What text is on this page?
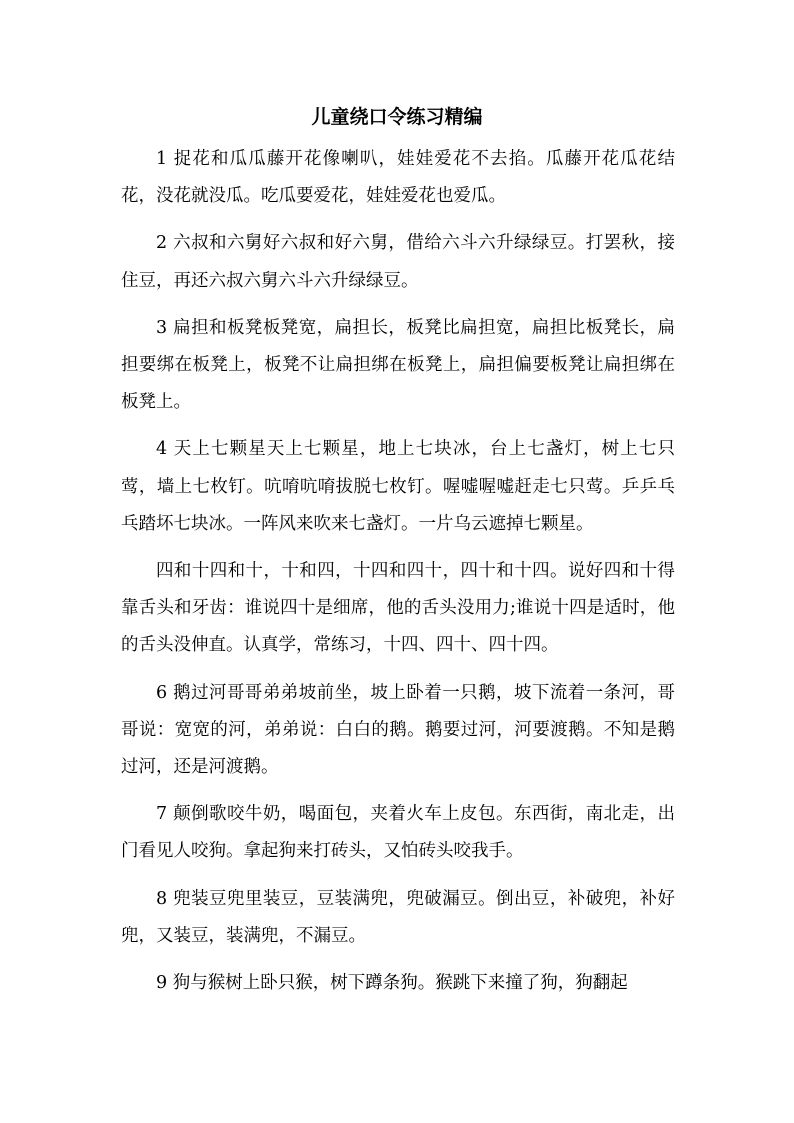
儿童绕口令练习精编

1 捉花和瓜瓜藤开花像喇叭，娃娃爱花不去掐。瓜藤开花瓜花结花，没花就没瓜。吃瓜要爱花，娃娃爱花也爱瓜。

2 六叔和六舅好六叔和好六舅，借给六斗六升绿绿豆。打罢秋，接住豆，再还六叔六舅六斗六升绿绿豆。

3 扁担和板凳板凳宽，扁担长，板凳比扁担宽，扁担比板凳长，扁担要绑在板凳上，板凳不让扁担绑在板凳上，扁担偏要板凳让扁担绑在板凳上。

4 天上七颗星天上七颗星，地上七块冰，台上七盏灯，树上七只莺，墙上七枚钉。吭唷吭唷拔脱七枚钉。喔嘘喔嘘赶走七只莺。乒乒乓乓踏坏七块冰。一阵风来吹来七盏灯。一片乌云遮掉七颗星。

四和十四和十，十和四，十四和四十，四十和十四。说好四和十得靠舌头和牙齿：谁说四十是细席，他的舌头没用力;谁说十四是适时，他的舌头没伸直。认真学，常练习，十四、四十、四十四。

6 鹅过河哥哥弟弟坡前坐，坡上卧着一只鹅，坡下流着一条河，哥哥说：宽宽的河，弟弟说：白白的鹅。鹅要过河，河要渡鹅。不知是鹅过河，还是河渡鹅。

7 颠倒歌咬牛奶，喝面包，夹着火车上皮包。东西街，南北走，出门看见人咬狗。拿起狗来打砖头，又怕砖头咬我手。

8 兜装豆兜里装豆，豆装满兜，兜破漏豆。倒出豆，补破兜，补好兜，又装豆，装满兜，不漏豆。

9 狗与猴树上卧只猴，树下蹲条狗。猴跳下来撞了狗，狗翻起
